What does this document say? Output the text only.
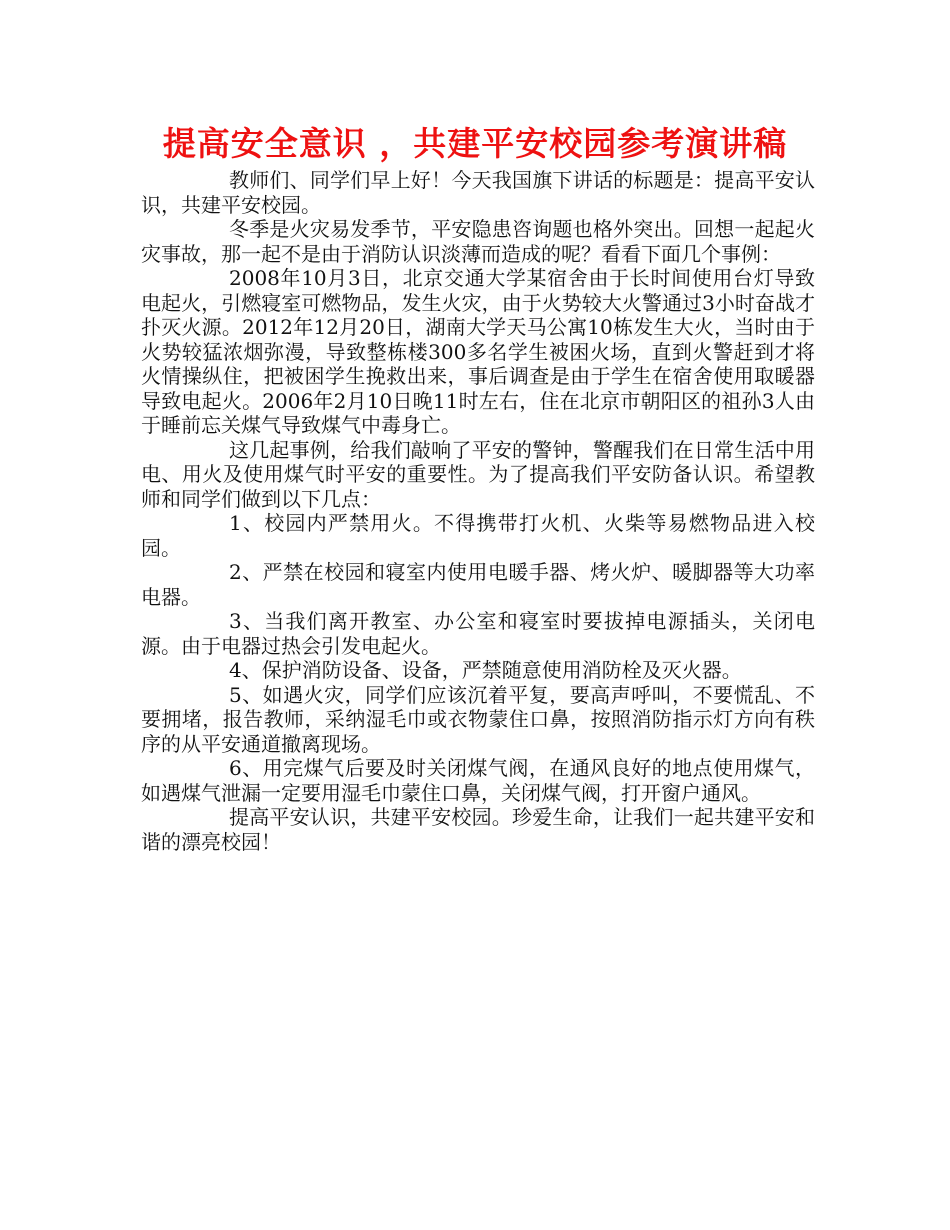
提高安全意识 ，共建平安校园参考演讲稿

教师们、同学们早上好！今天我国旗下讲话的标题是：提高平安认识，共建平安校园。

冬季是火灾易发季节，平安隐患咨询题也格外突出。回想一起起火灾事故，那一起不是由于消防认识淡薄而造成的呢？看看下面几个事例：

2008年10月3日，北京交通大学某宿舍由于长时间使用台灯导致电起火，引燃寝室可燃物品，发生火灾，由于火势较大火警通过3小时奋战才扑灭火源。2012年12月20日，湖南大学天马公寓10栋发生大火，当时由于火势较猛浓烟弥漫，导致整栋楼300多名学生被困火场，直到火警赶到才将火情操纵住，把被困学生挽救出来，事后调查是由于学生在宿舍使用取暖器导致电起火。2006年2月10日晚11时左右，住在北京市朝阳区的祖孙3人由于睡前忘关煤气导致煤气中毒身亡。

这几起事例，给我们敲响了平安的警钟，警醒我们在日常生活中用电、用火及使用煤气时平安的重要性。为了提高我们平安防备认识。希望教师和同学们做到以下几点：

1、校园内严禁用火。不得携带打火机、火柴等易燃物品进入校园。

2、严禁在校园和寝室内使用电暖手器、烤火炉、暖脚器等大功率电器。

3、当我们离开教室、办公室和寝室时要拔掉电源插头，关闭电源。由于电器过热会引发电起火。

4、保护消防设备、设备，严禁随意使用消防栓及灭火器。

5、如遇火灾，同学们应该沉着平复，要高声呼叫，不要慌乱、不要拥堵，报告教师，采纳湿毛巾或衣物蒙住口鼻，按照消防指示灯方向有秩序的从平安通道撤离现场。

6、用完煤气后要及时关闭煤气阀，在通风良好的地点使用煤气，如遇煤气泄漏一定要用湿毛巾蒙住口鼻，关闭煤气阀，打开窗户通风。

提高平安认识，共建平安校园。珍爱生命，让我们一起共建平安和谐的漂亮校园！
